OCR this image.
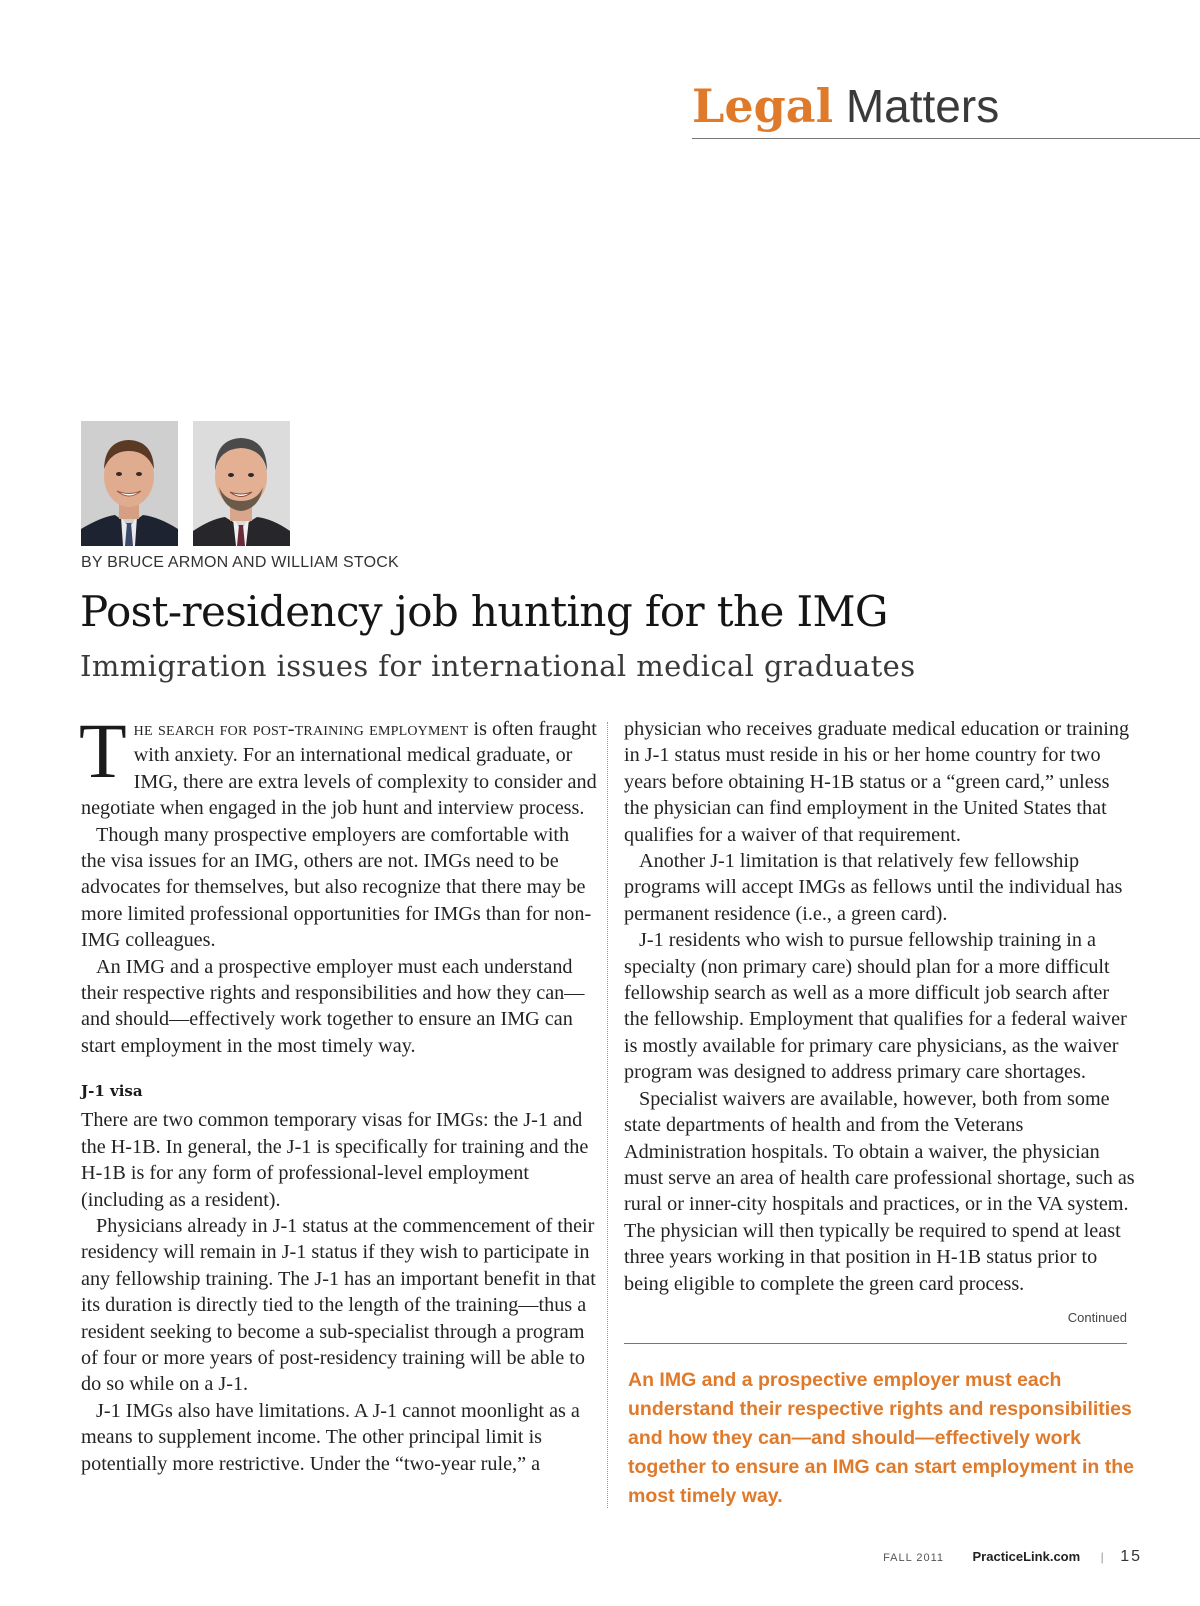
Legal Matters
BY BRUCE ARMON AND WILLIAM STOCK
Post-residency job hunting for the IMG
Immigration issues for international medical graduates

The search for post-training employment is often fraught with anxiety. For an international medical graduate, or IMG, there are extra levels of complexity to consider and negotiate when engaged in the job hunt and interview process.

Though many prospective employers are comfortable with the visa issues for an IMG, others are not. IMGs need to be advocates for themselves, but also recognize that there may be more limited professional opportunities for IMGs than for non-IMG colleagues.

An IMG and a prospective employer must each understand their respective rights and responsibilities and how they can—and should—effectively work together to ensure an IMG can start employment in the most timely way.

J-1 visa

There are two common temporary visas for IMGs: the J-1 and the H-1B. In general, the J-1 is specifically for training and the H-1B is for any form of professional-level employment (including as a resident).

Physicians already in J-1 status at the commencement of their residency will remain in J-1 status if they wish to participate in any fellowship training. The J-1 has an important benefit in that its duration is directly tied to the length of the training—thus a resident seeking to become a sub-specialist through a program of four or more years of post-residency training will be able to do so while on a J-1.

J-1 IMGs also have limitations. A J-1 cannot moonlight as a means to supplement income. The other principal limit is potentially more restrictive. Under the “two-year rule,” a

physician who receives graduate medical education or training in J-1 status must reside in his or her home country for two years before obtaining H-1B status or a “green card,” unless the physician can find employment in the United States that qualifies for a waiver of that requirement.

Another J-1 limitation is that relatively few fellowship programs will accept IMGs as fellows until the individual has permanent residence (i.e., a green card).

J-1 residents who wish to pursue fellowship training in a specialty (non primary care) should plan for a more difficult fellowship search as well as a more difficult job search after the fellowship. Employment that qualifies for a federal waiver is mostly available for primary care physicians, as the waiver program was designed to address primary care shortages.

Specialist waivers are available, however, both from some state departments of health and from the Veterans Administration hospitals. To obtain a waiver, the physician must serve an area of health care professional shortage, such as rural or inner-city hospitals and practices, or in the VA system. The physician will then typically be required to spend at least three years working in that position in H-1B status prior to being eligible to complete the green card process.

Continued
An IMG and a prospective employer must each understand their respective rights and responsibilities and how they can—and should—effectively work together to ensure an IMG can start employment in the most timely way.
FALL 2011 PracticeLink.com | 15
